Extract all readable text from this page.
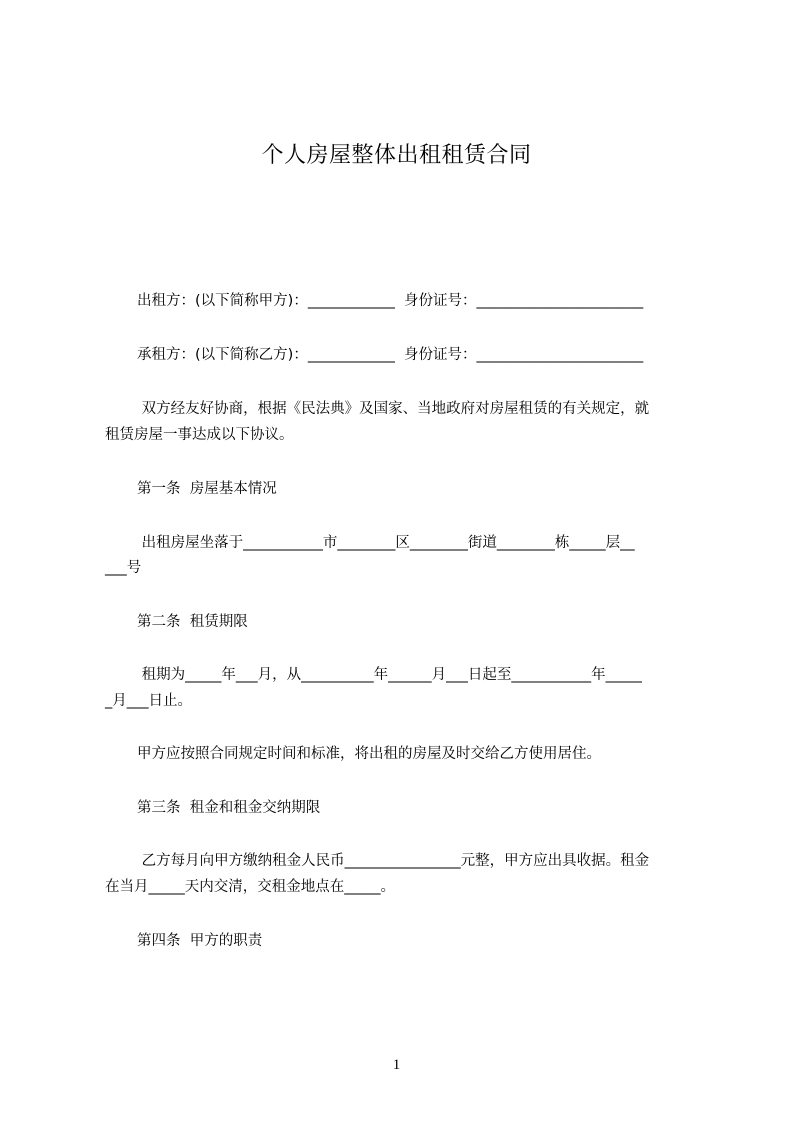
个人房屋整体出租租赁合同
出租方：(以下简称甲方)：____________  身份证号：_______________________
承租方：(以下简称乙方)：____________  身份证号：_______________________
双方经友好协商，根据《民法典》及国家、当地政府对房屋租赁的有关规定，就
租赁房屋一事达成以下协议。
第一条  房屋基本情况
出租房屋坐落于___________市________区________街道________栋_____层__
___号
第二条  租赁期限
租期为_____年___月，从__________年______月___日起至___________年_____
_月___日止。
甲方应按照合同规定时间和标准，将出租的房屋及时交给乙方使用居住。
第三条  租金和租金交纳期限
乙方每月向甲方缴纳租金人民币________________元整，甲方应出具收据。租金
在当月_____天内交清，交租金地点在_____。
第四条  甲方的职责
1
